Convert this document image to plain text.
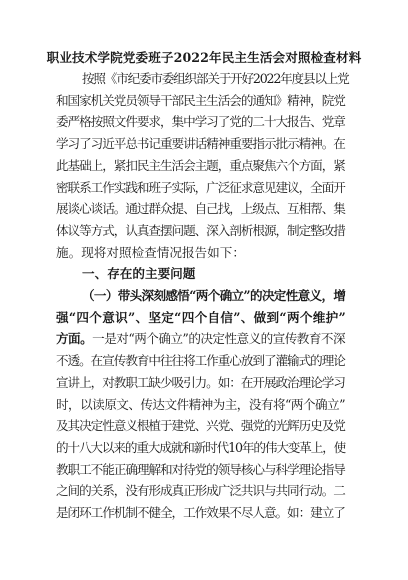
职业技术学院党委班子2022年民主生活会对照检查材料
按照《市纪委市委组织部关于开好2022年度县以上党
和国家机关党员领导干部民主生活会的通知》精神，院党
委严格按照文件要求，集中学习了党的二十大报告、党章
学习了习近平总书记重要讲话精神重要指示批示精神。在
此基础上，紧扣民主生活会主题，重点聚焦六个方面，紧
密联系工作实践和班子实际，广泛征求意见建议，全面开
展谈心谈话。通过群众提、自己找，上级点、互相帮、集
体议等方式，认真查摆问题、深入剖析根源，制定整改措
施。现将对照检查情况报告如下：
一、存在的主要问题
（一）带头深刻感悟“两个确立”的决定性意义，增
强“四个意识”、坚定“四个自信”、做到“两个维护”
方面。一是对“两个确立”的决定性意义的宣传教育不深
不透。在宣传教育中往往将工作重心放到了灌输式的理论
宣讲上，对教职工缺少吸引力。如：在开展政治理论学习
时，以读原文、传达文件精神为主，没有将“两个确立”
及其决定性意义根植于建党、兴党、强党的光辉历史及党
的十八大以来的重大成就和新时代10年的伟大变革上，使
教职工不能正确理解和对待党的领导核心与科学理论指导
之间的关系，没有形成真正形成广泛共识与共同行动。二
是闭环工作机制不健全，工作效果不尽人意。如：建立了
